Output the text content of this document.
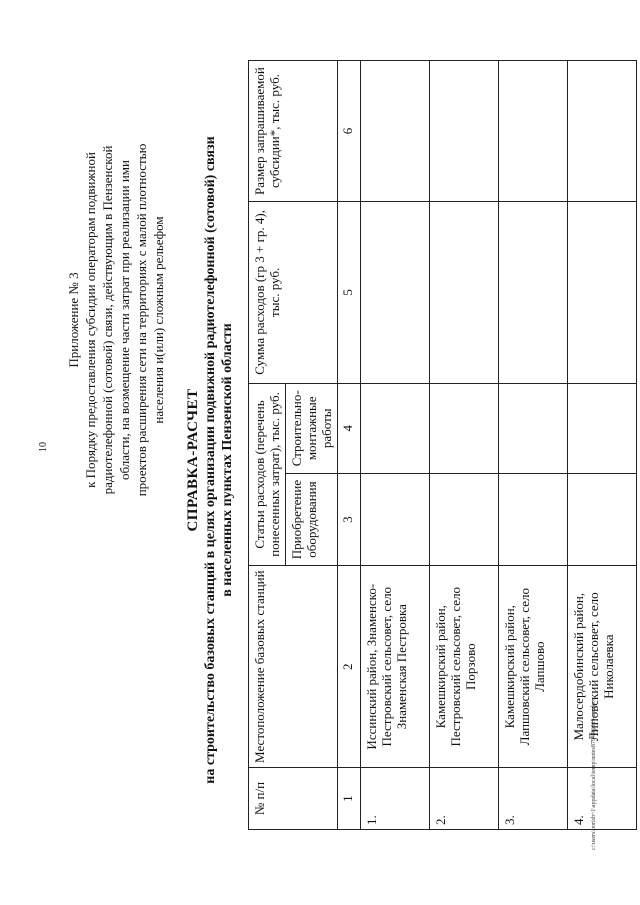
10
Приложение № 3 к Порядку предоставления субсидии операторам подвижной радиотелефонной (сотовой) связи, действующим в Пензенской области, на возмещение части затрат при реализации ими проектов расширения сети на территориях с малой плотностью населения и(или) сложным рельефом
СПРАВКА-РАСЧЕТ на строительство базовых станций в целях организации подвижной радиотелефонной (сотовой) связи в населенных пунктах Пензенской области
№ п/п	Местоположение базовых станций	Статьи расходов (перечень понесенных затрат), тыс. руб.		Сумма расходов (гр 3 + гр. 4), тыс. руб.	Размер запрашиваемой субсидии*, тыс. руб.
		Приобретение оборудования	Строительно-монтажные работы		
1	2	3	4	5	6
1.	Иссинский район, Знаменско-Пестровский сельсовет, село Знаменская Пестровка				
2.	Камешкирский район, Пестровский сельсовет, село Порзово				
3.	Камешкирский район, Лапшовский сельсовет, село Лапшово				
4.	Малосердобинский район, Липовский сельсовет, село Николаевка				
c:\users\borisb~1\appdata\local\temp\notes879448\315-nn.docx
